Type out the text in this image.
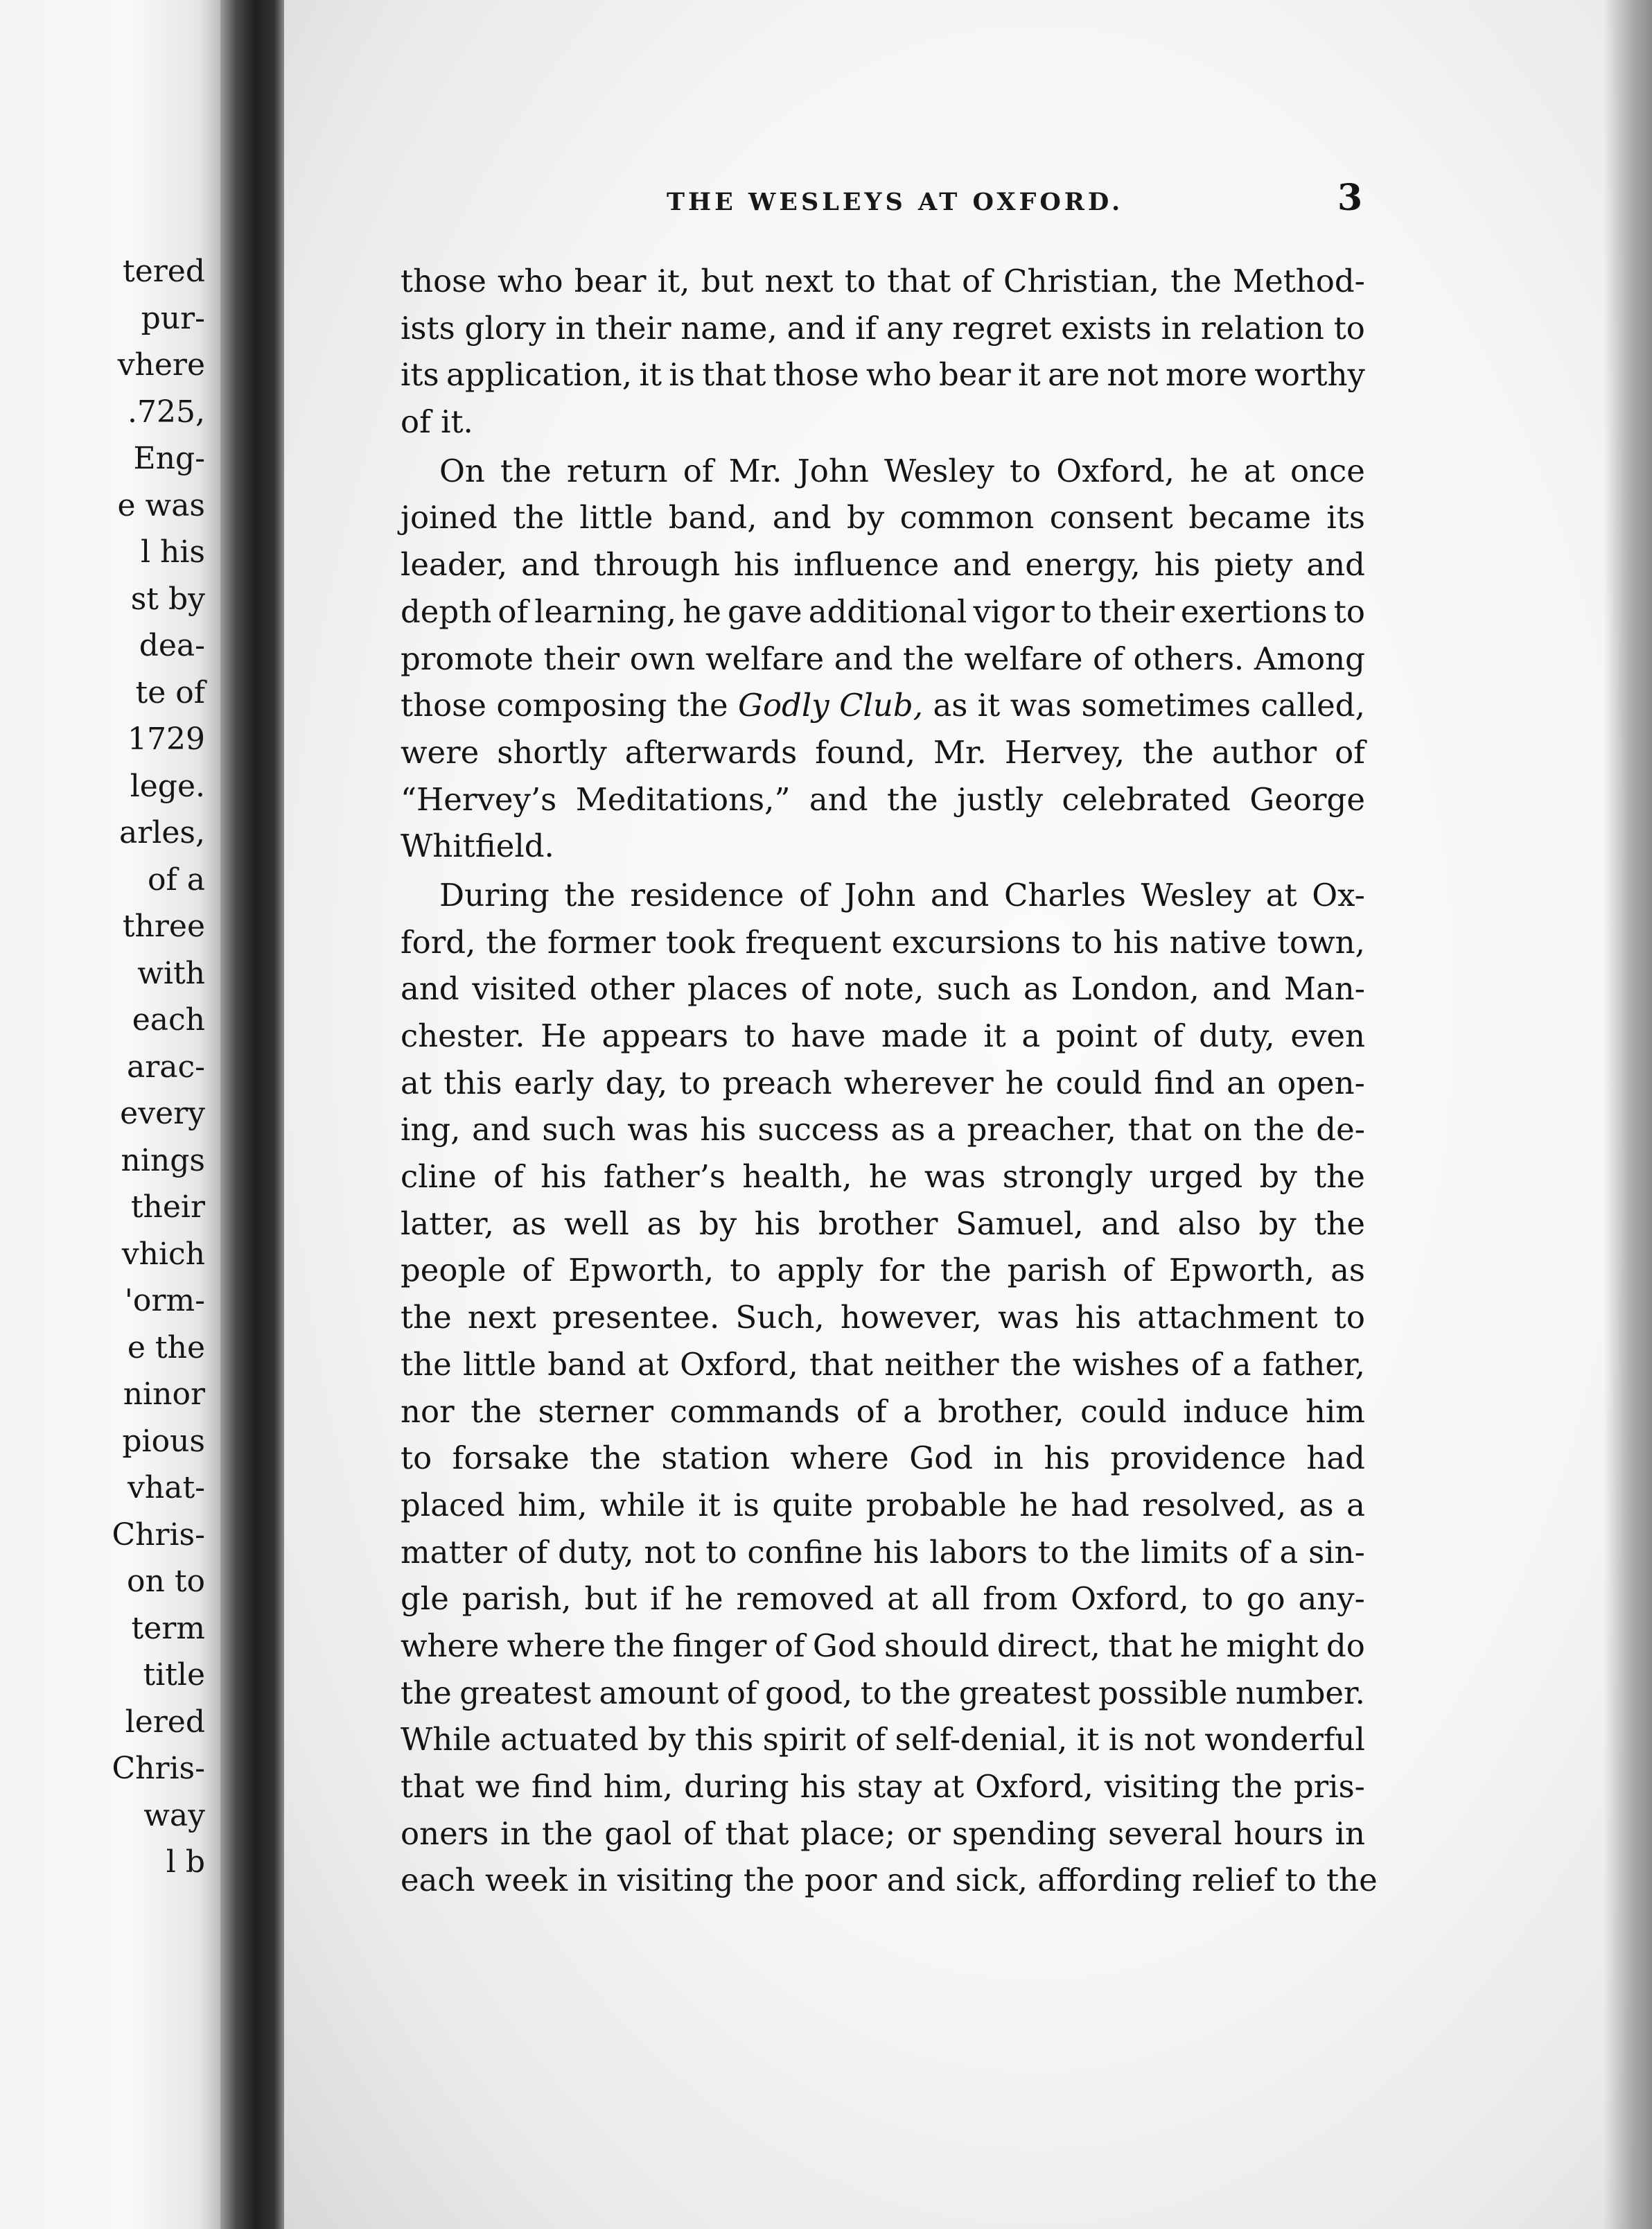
tered
pur-
vhere
.725,
Eng-
e was
l his
st by
dea-
te of
1729
lege.
arles,
of a
three
with
each
arac-
every
nings
their
vhich
'orm-
e the
ninor
pious
vhat-
Chris-
on to
term
title
lered
Chris-
way
l b
THE WESLEYS AT OXFORD.	3
those who bear it, but next to that of Christian, the Method-
ists glory in their name, and if any regret exists in relation to
its application, it is that those who bear it are not more worthy
of
it.
On the return of Mr. John Wesley to Oxford, he at once
joined the little band, and by common consent became its
leader, and through his influence and energy, his piety and
depth of learning, he gave additional vigor to their exertions to
promote their own welfare and the welfare of others. Among
those composing the Godly Club, as it was sometimes called,
were shortly afterwards found, Mr. Hervey, the author of
“Hervey’s Meditations,” and the justly celebrated George
Whitfield.
During the residence of John and Charles Wesley at Ox-
ford, the former took frequent excursions to his native town,
and visited other places of note, such as London, and Man-
chester. He appears to have made it a point of duty, even
at this early day, to preach wherever he could find an open-
ing, and such was his success as a preacher, that on the de-
cline of his father’s health, he was strongly urged by the
latter, as well as by his brother Samuel, and also by the
people of Epworth, to apply for the parish of Epworth, as
the next presentee. Such, however, was his attachment to
the little band at Oxford, that neither the wishes of a father,
nor the sterner commands of a brother, could induce him
to forsake the station where God in his providence had
placed him, while it is quite probable he had resolved, as a
matter of duty, not to confine his labors to the limits of a sin-
gle parish, but if he removed at all from Oxford, to go any-
where where the finger of God should direct, that he might do
the greatest amount of good, to the greatest possible number.
While actuated by this spirit of self-denial, it is not wonderful
that we find him, during his stay at Oxford, visiting the pris-
oners in the gaol of that place; or spending several hours in
each
week
in
visiting
the
poor
and
sick,
affording
relief
to
the
